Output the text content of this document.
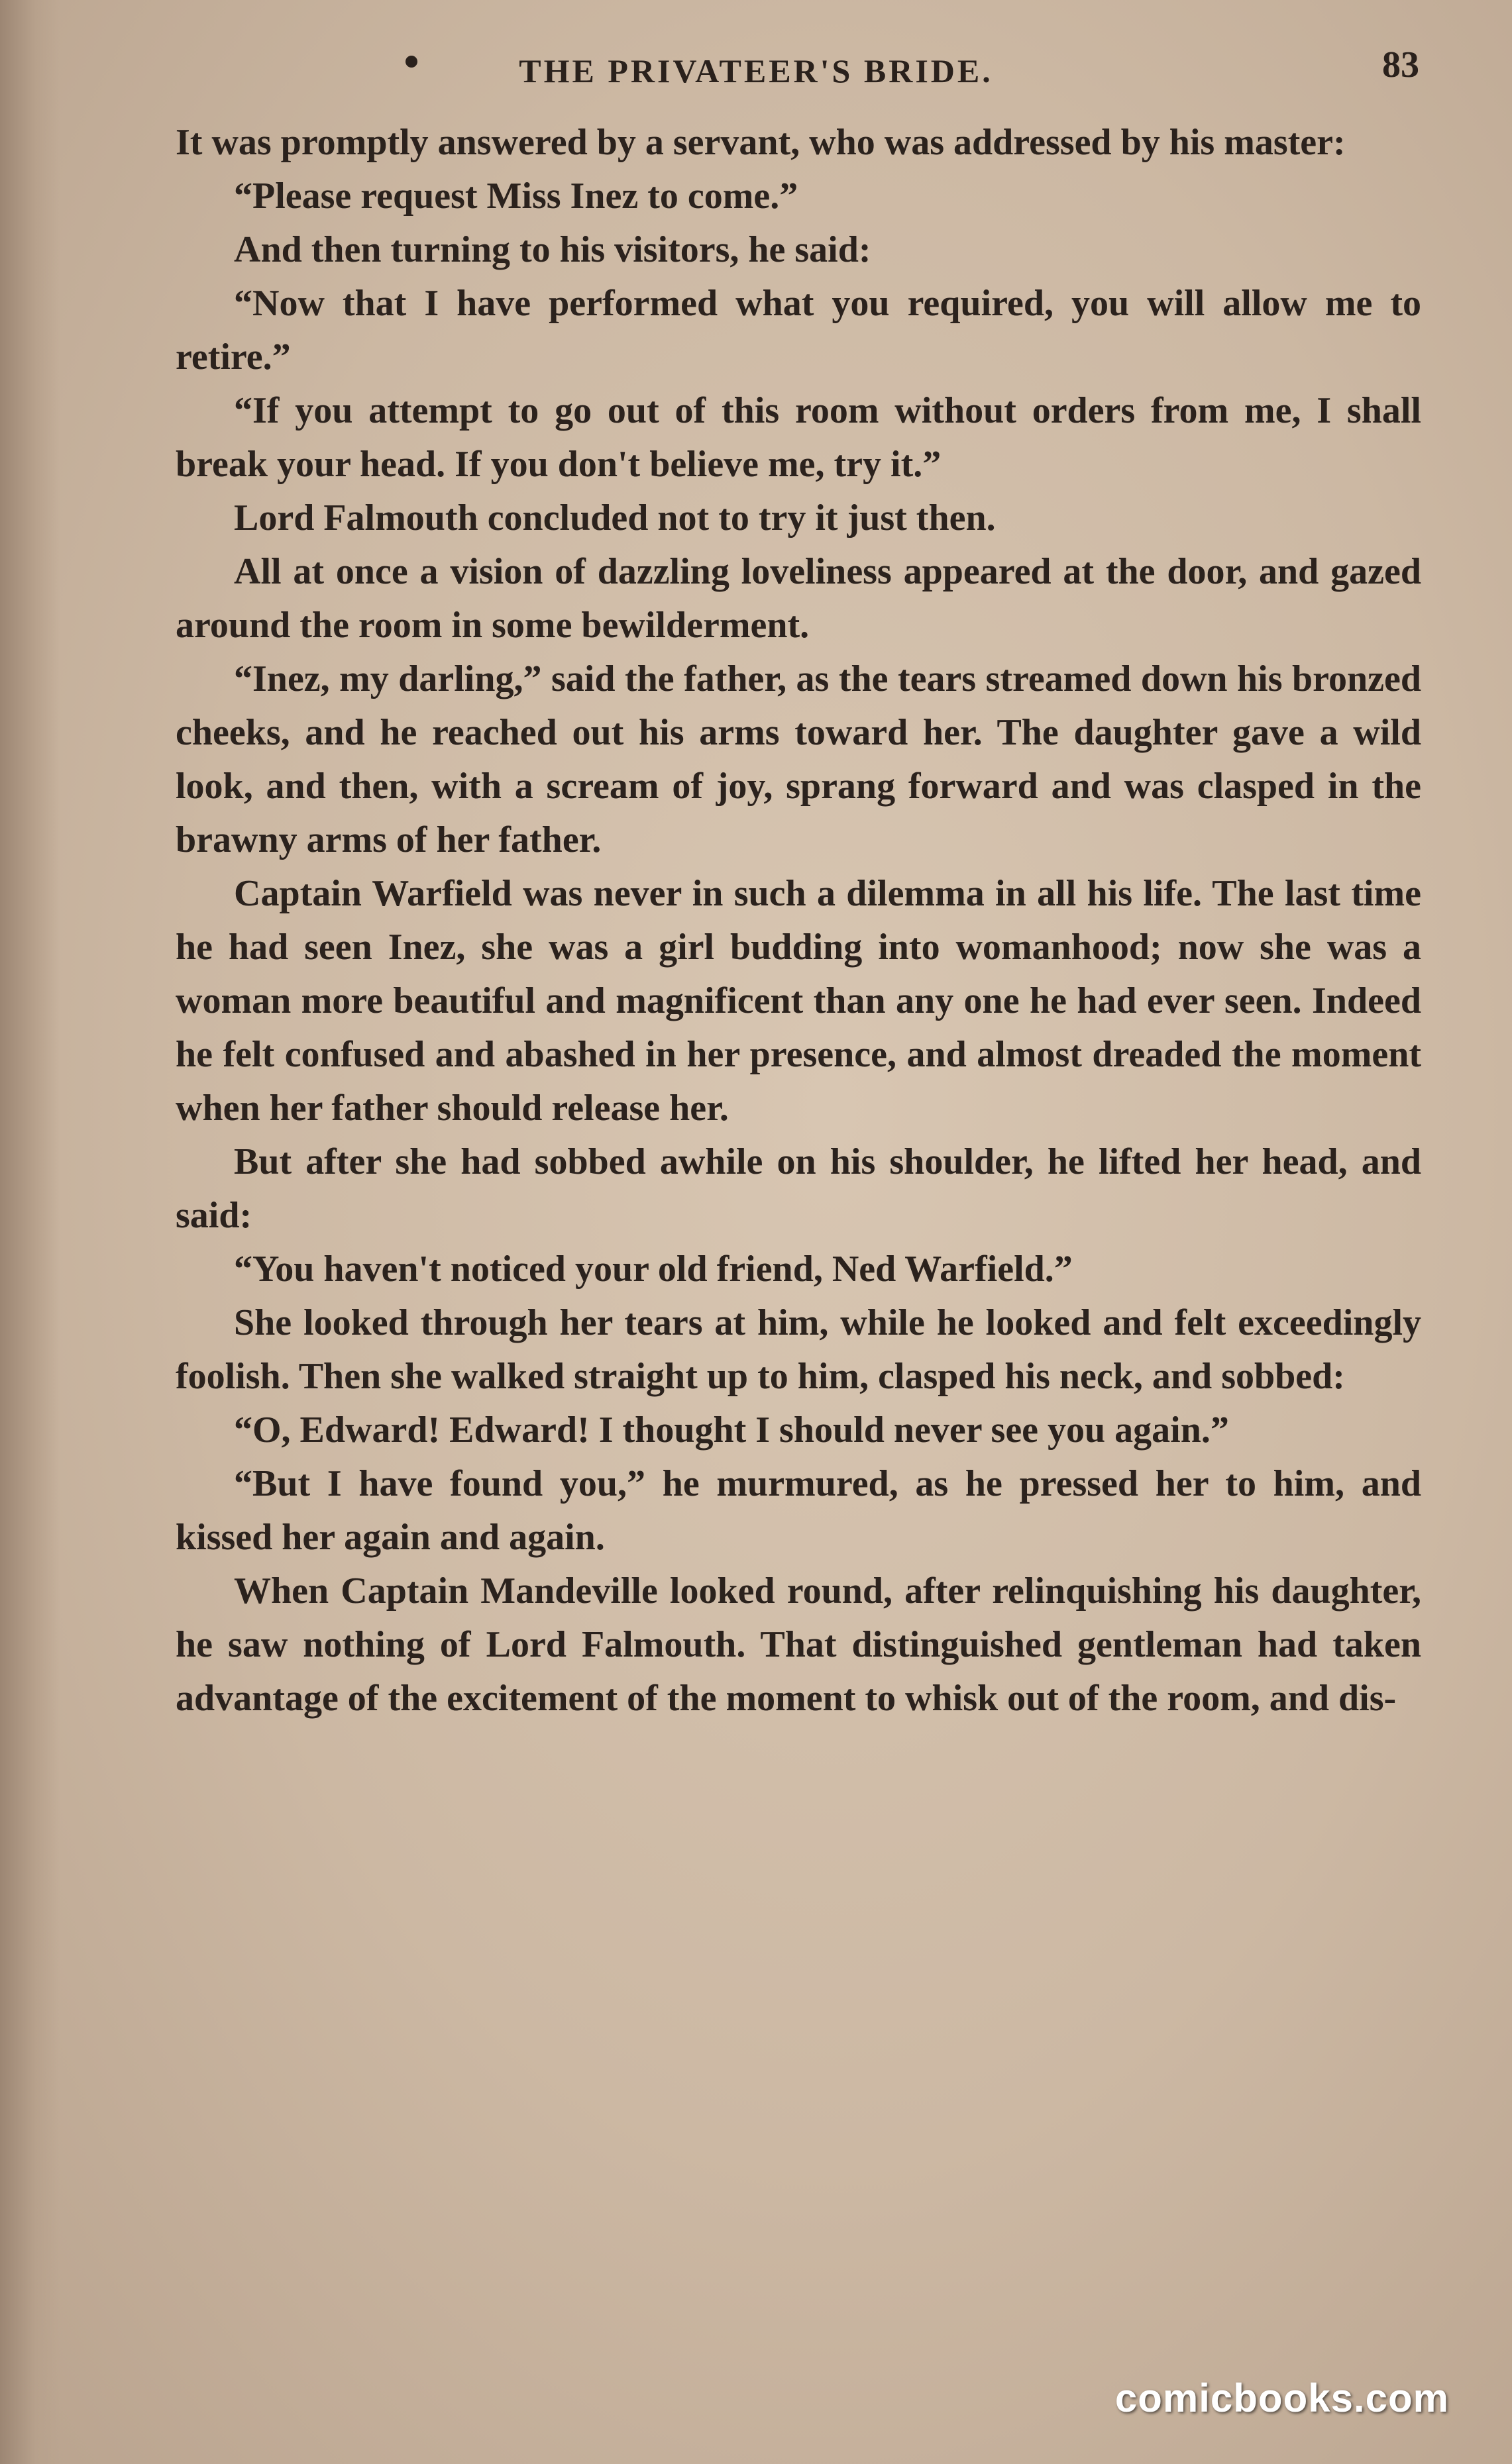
THE PRIVATEER'S BRIDE.	83

It was promptly answered by a servant, who was addressed by his master:

“Please request Miss Inez to come.”

And then turning to his visitors, he said:

“Now that I have performed what you required, you will allow me to retire.”

“If you attempt to go out of this room without orders from me, I shall break your head. If you don't believe me, try it.”

Lord Falmouth concluded not to try it just then.

All at once a vision of dazzling loveliness appeared at the door, and gazed around the room in some bewilderment.

“Inez, my darling,” said the father, as the tears streamed down his bronzed cheeks, and he reached out his arms toward her. The daughter gave a wild look, and then, with a scream of joy, sprang forward and was clasped in the brawny arms of her father.

Captain Warfield was never in such a dilemma in all his life. The last time he had seen Inez, she was a girl budding into womanhood; now she was a woman more beautiful and magnificent than any one he had ever seen. Indeed he felt confused and abashed in her presence, and almost dreaded the moment when her father should release her.

But after she had sobbed awhile on his shoulder, he lifted her head, and said:

“You haven't noticed your old friend, Ned Warfield.”

She looked through her tears at him, while he looked and felt exceedingly foolish. Then she walked straight up to him, clasped his neck, and sobbed:

“O, Edward! Edward! I thought I should never see you again.”

“But I have found you,” he murmured, as he pressed her to him, and kissed her again and again.

When Captain Mandeville looked round, after relinquishing his daughter, he saw nothing of Lord Falmouth. That distinguished gentleman had taken advantage of the excitement of the moment to whisk out of the room, and dis-

comicbooks.com
